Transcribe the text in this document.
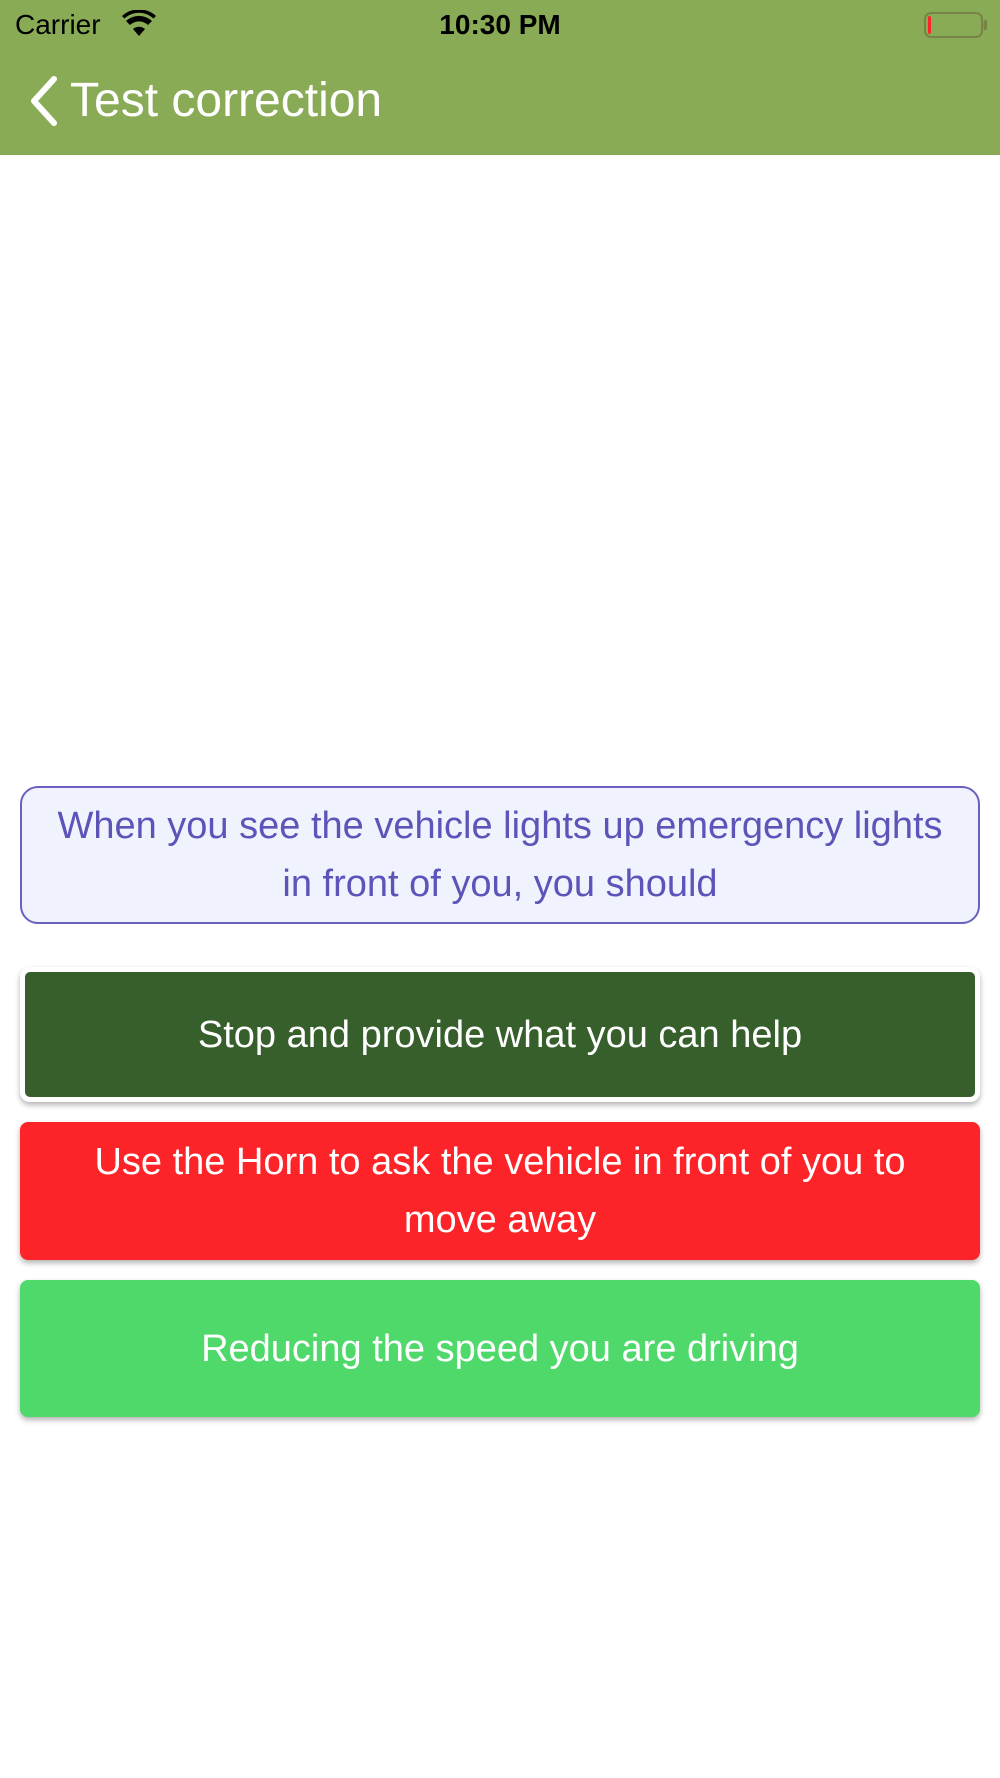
Carrier	10:30 PM
Test correction
When you see the vehicle lights up emergency lights in front of you, you should
Stop and provide what you can help
Use the Horn to ask the vehicle in front of you to move away
Reducing the speed you are driving
